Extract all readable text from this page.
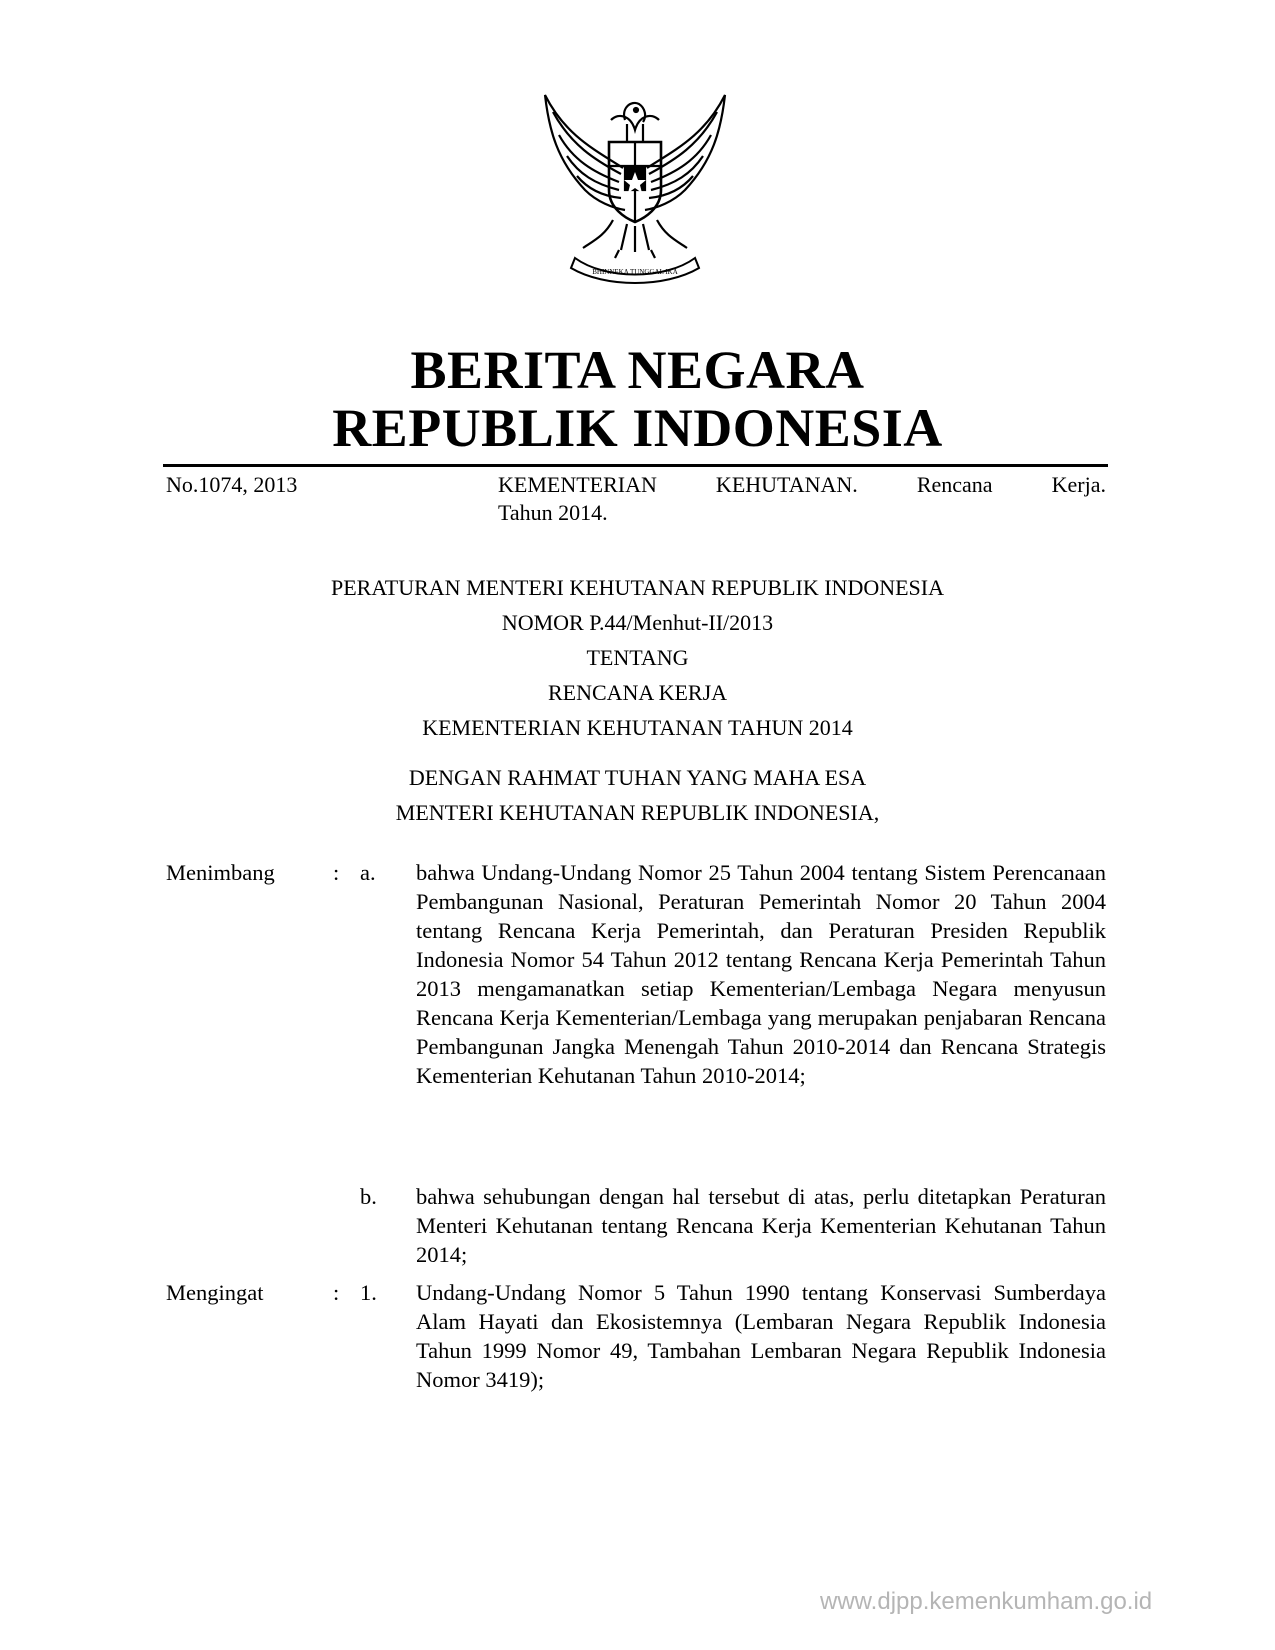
BHINNEKA TUNGGAL IKA
BERITA NEGARA
REPUBLIK INDONESIA
No.1074, 2013	KEMENTERIAN KEHUTANAN. Rencana Kerja.
Tahun 2014.
PERATURAN MENTERI KEHUTANAN REPUBLIK INDONESIA
NOMOR P.44/Menhut-II/2013
TENTANG
RENCANA KERJA
KEMENTERIAN KEHUTANAN TAHUN 2014
DENGAN RAHMAT TUHAN YANG MAHA ESA
MENTERI KEHUTANAN REPUBLIK INDONESIA,
Menimbang	: a. bahwa Undang-Undang Nomor 25 Tahun 2004 tentang Sistem Perencanaan Pembangunan Nasional, Peraturan Pemerintah Nomor 20 Tahun 2004 tentang Rencana Kerja Pemerintah, dan Peraturan Presiden Republik Indonesia Nomor 54 Tahun 2012 tentang Rencana Kerja Pemerintah Tahun 2013 mengamanatkan setiap Kementerian/Lembaga Negara menyusun Rencana Kerja Kementerian/Lembaga yang merupakan penjabaran Rencana Pembangunan Jangka Menengah Tahun 2010-2014 dan Rencana Strategis Kementerian Kehutanan Tahun 2010-2014;
b. bahwa sehubungan dengan hal tersebut di atas, perlu ditetapkan Peraturan Menteri Kehutanan tentang Rencana Kerja Kementerian Kehutanan Tahun 2014;
Mengingat	: 1. Undang-Undang Nomor 5 Tahun 1990 tentang Konservasi Sumberdaya Alam Hayati dan Ekosistemnya (Lembaran Negara Republik Indonesia Tahun 1999 Nomor 49, Tambahan Lembaran Negara Republik Indonesia Nomor 3419);
www.djpp.kemenkumham.go.id
